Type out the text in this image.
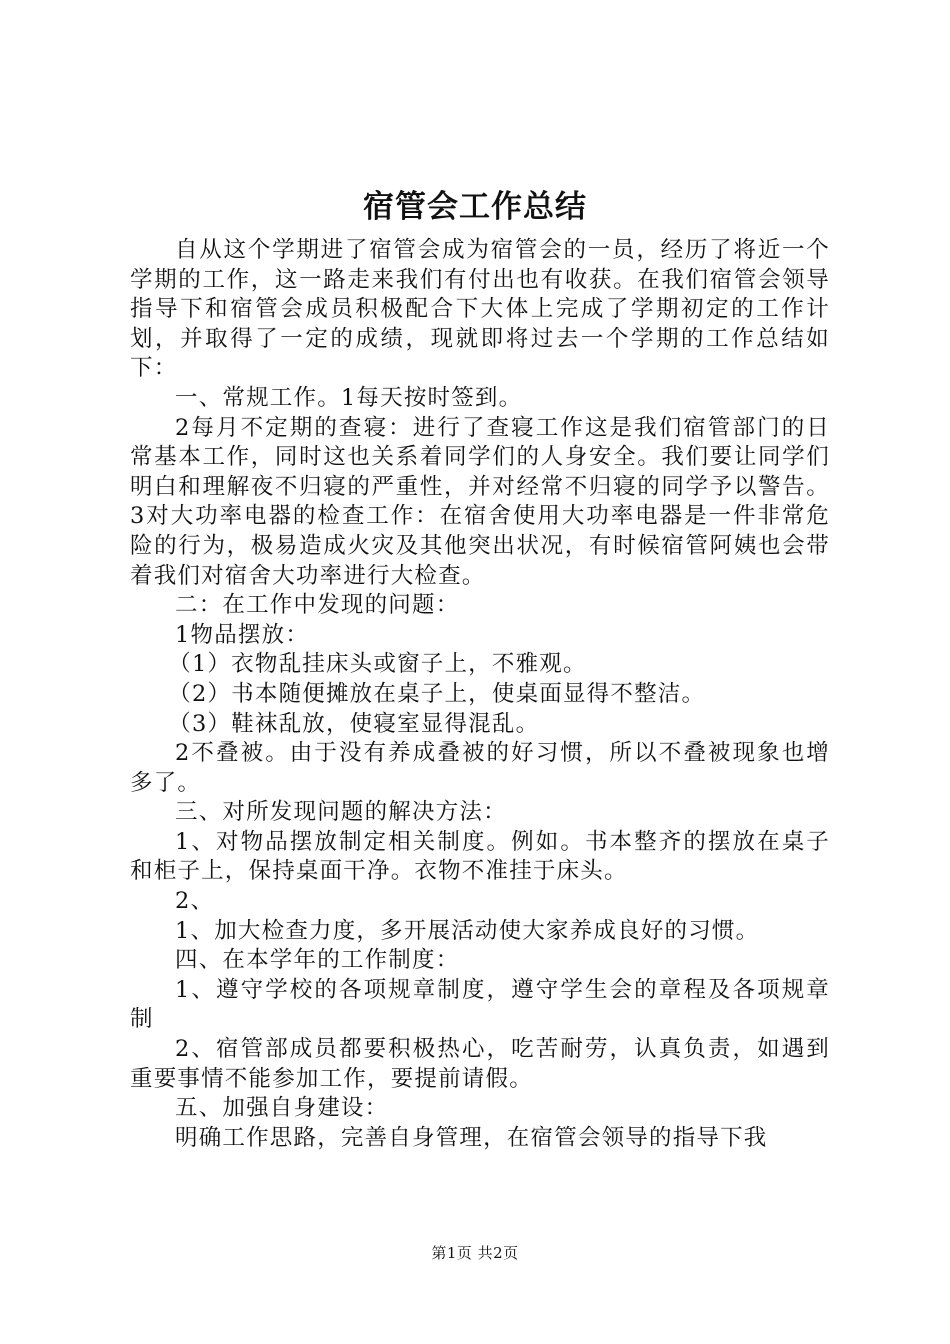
宿管会工作总结

自从这个学期进了宿管会成为宿管会的一员，经历了将近一个学期的工作，这一路走来我们有付出也有收获。在我们宿管会领导指导下和宿管会成员积极配合下大体上完成了学期初定的工作计划，并取得了一定的成绩，现就即将过去一个学期的工作总结如下：

一、常规工作。1每天按时签到。

2每月不定期的查寝：进行了查寝工作这是我们宿管部门的日常基本工作，同时这也关系着同学们的人身安全。我们要让同学们明白和理解夜不归寝的严重性，并对经常不归寝的同学予以警告。3对大功率电器的检查工作：在宿舍使用大功率电器是一件非常危险的行为，极易造成火灾及其他突出状况，有时候宿管阿姨也会带着我们对宿舍大功率进行大检查。

二：在工作中发现的问题：

1物品摆放：

（1）衣物乱挂床头或窗子上，不雅观。

（2）书本随便摊放在桌子上，使桌面显得不整洁。

（3）鞋袜乱放，使寝室显得混乱。

2不叠被。由于没有养成叠被的好习惯，所以不叠被现象也增多了。

三、对所发现问题的解决方法：

1、对物品摆放制定相关制度。例如。书本整齐的摆放在桌子和柜子上，保持桌面干净。衣物不准挂于床头。

2、

1、加大检查力度，多开展活动使大家养成良好的习惯。

四、在本学年的工作制度：

1、遵守学校的各项规章制度，遵守学生会的章程及各项规章制

2、宿管部成员都要积极热心，吃苦耐劳，认真负责，如遇到重要事情不能参加工作，要提前请假。

五、加强自身建设：

明确工作思路，完善自身管理，在宿管会领导的指导下我

第1页 共2页
